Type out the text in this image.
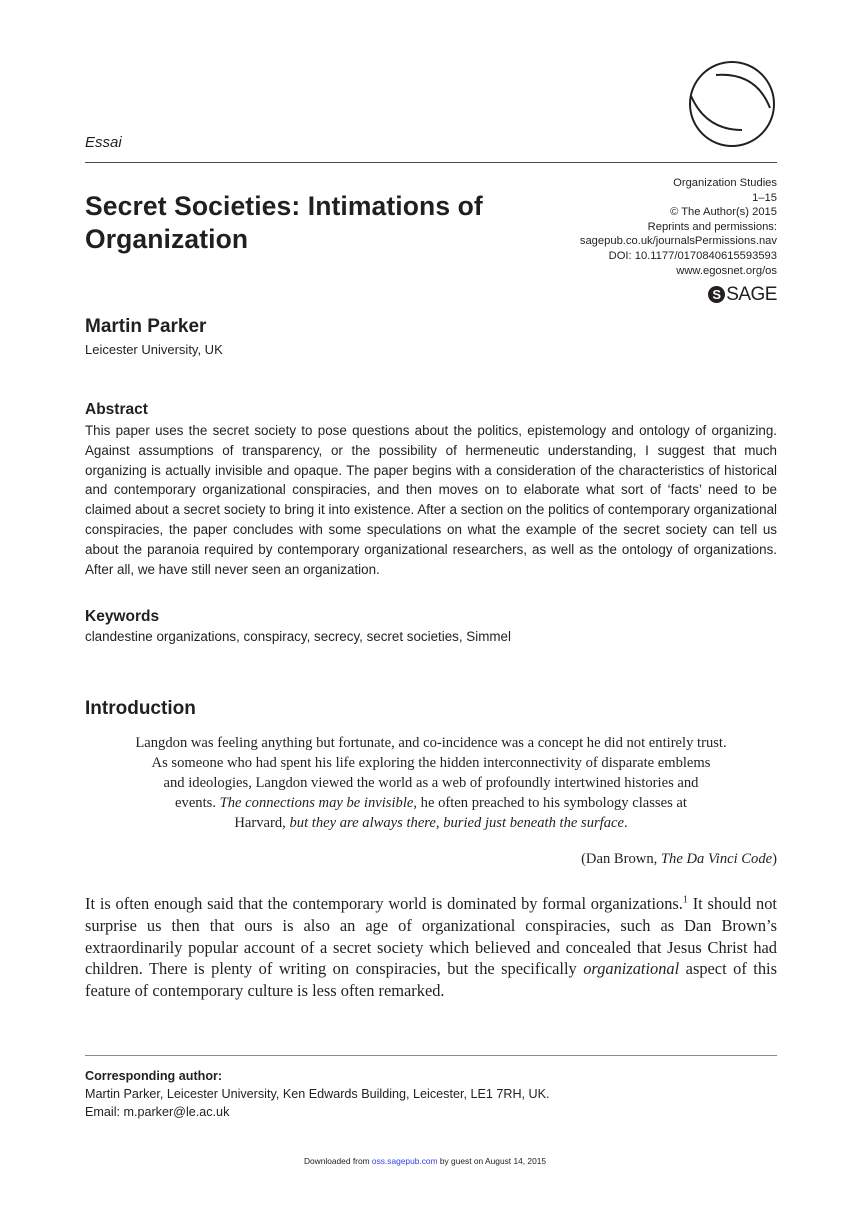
Essai
Secret Societies: Intimations of Organization
Organization Studies
1–15
© The Author(s) 2015
Reprints and permissions:
sagepub.co.uk/journalsPermissions.nav
DOI: 10.1177/0170840615593593
www.egosnet.org/os
S SAGE
Martin Parker
Leicester University, UK
Abstract
This paper uses the secret society to pose questions about the politics, epistemology and ontology of organizing. Against assumptions of transparency, or the possibility of hermeneutic understanding, I suggest that much organizing is actually invisible and opaque. The paper begins with a consideration of the characteristics of historical and contemporary organizational conspiracies, and then moves on to elaborate what sort of ‘facts’ need to be claimed about a secret society to bring it into existence. After a section on the politics of contemporary organizational conspiracies, the paper concludes with some speculations on what the example of the secret society can tell us about the paranoia required by contemporary organizational researchers, as well as the ontology of organizations. After all, we have still never seen an organization.
Keywords
clandestine organizations, conspiracy, secrecy, secret societies, Simmel
Introduction
Langdon was feeling anything but fortunate, and co-incidence was a concept he did not entirely trust.
As someone who had spent his life exploring the hidden interconnectivity of disparate emblems
and ideologies, Langdon viewed the world as a web of profoundly intertwined histories and
events. The connections may be invisible, he often preached to his symbology classes at
Harvard, but they are always there, buried just beneath the surface.
(Dan Brown, The Da Vinci Code)
It is often enough said that the contemporary world is dominated by formal organizations.$^1$ It should not surprise us then that ours is also an age of organizational conspiracies, such as Dan Brown’s extraordinarily popular account of a secret society which believed and concealed that Jesus Christ had children. There is plenty of writing on conspiracies, but the specifically organizational aspect of this feature of contemporary culture is less often remarked.
Corresponding author:
Martin Parker, Leicester University, Ken Edwards Building, Leicester, LE1 7RH, UK.
Email: m.parker@le.ac.uk
Downloaded from oss.sagepub.com by guest on August 14, 2015
